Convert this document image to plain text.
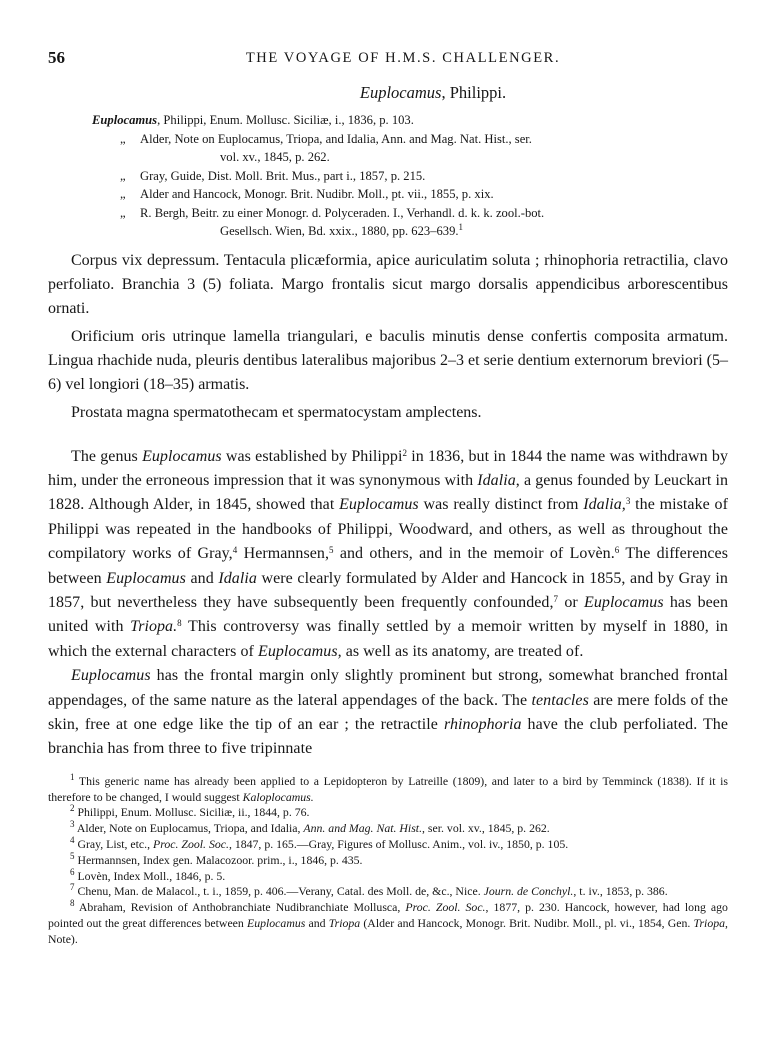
56	THE VOYAGE OF H.M.S. CHALLENGER.
Euplocamus, Philippi.
Euplocamus, Philippi, Enum. Mollusc. Siciliæ, i., 1836, p. 103.
„	Alder, Note on Euplocamus, Triopa, and Idalia, Ann. and Mag. Nat. Hist., ser.
vol. xv., 1845, p. 262.
„	Gray, Guide, Dist. Moll. Brit. Mus., part i., 1857, p. 215.
„	Alder and Hancock, Monogr. Brit. Nudibr. Moll., pt. vii., 1855, p. xix.
„	R. Bergh, Beitr. zu einer Monogr. d. Polyceraden. I., Verhandl. d. k. k. zool.-bot.
Gesellsch. Wien, Bd. xxix., 1880, pp. 623–639.$^1$

Corpus vix depressum. Tentacula plicæformia, apice auriculatim soluta ; rhinophoria retractilia, clavo perfoliato. Branchia 3 (5) foliata. Margo frontalis sicut margo dorsalis appendicibus arborescentibus ornati.

Orificium oris utrinque lamella triangulari, e baculis minutis dense confertis composita armatum. Lingua rhachide nuda, pleuris dentibus lateralibus majoribus 2–3 et serie dentium externorum breviori (5–6) vel longiori (18–35) armatis.

Prostata magna spermatothecam et spermatocystam amplectens.

The genus Euplocamus was established by Philippi$^2$ in 1836, but in 1844 the name was withdrawn by him, under the erroneous impression that it was synonymous with Idalia, a genus founded by Leuckart in 1828. Although Alder, in 1845, showed that Euplocamus was really distinct from Idalia,$^3$ the mistake of Philippi was repeated in the handbooks of Philippi, Woodward, and others, as well as throughout the compilatory works of Gray,$^4$ Hermannsen,$^5$ and others, and in the memoir of Lovèn.$^6$ The differences between Euplocamus and Idalia were clearly formulated by Alder and Hancock in 1855, and by Gray in 1857, but nevertheless they have subsequently been frequently confounded,$^7$ or Euplocamus has been united with Triopa.$^8$ This controversy was finally settled by a memoir written by myself in 1880, in which the external characters of Euplocamus, as well as its anatomy, are treated of.

Euplocamus has the frontal margin only slightly prominent but strong, somewhat branched frontal appendages, of the same nature as the lateral appendages of the back. The tentacles are mere folds of the skin, free at one edge like the tip of an ear ; the retractile rhinophoria have the club perfoliated. The branchia has from three to five tripinnate

$^1$ This generic name has already been applied to a Lepidopteron by Latreille (1809), and later to a bird by Temminck (1838). If it is therefore to be changed, I would suggest Kaloplocamus.

$^2$ Philippi, Enum. Mollusc. Siciliæ, ii., 1844, p. 76.

$^3$ Alder, Note on Euplocamus, Triopa, and Idalia, Ann. and Mag. Nat. Hist., ser. vol. xv., 1845, p. 262.

$^4$ Gray, List, etc., Proc. Zool. Soc., 1847, p. 165.—Gray, Figures of Mollusc. Anim., vol. iv., 1850, p. 105.

$^5$ Hermannsen, Index gen. Malacozoor. prim., i., 1846, p. 435.

$^6$ Lovèn, Index Moll., 1846, p. 5.

$^7$ Chenu, Man. de Malacol., t. i., 1859, p. 406.—Verany, Catal. des Moll. de, &c., Nice. Journ. de Conchyl., t. iv., 1853, p. 386.

$^8$ Abraham, Revision of Anthobranchiate Nudibranchiate Mollusca, Proc. Zool. Soc., 1877, p. 230. Hancock, however, had long ago pointed out the great differences between Euplocamus and Triopa (Alder and Hancock, Monogr. Brit. Nudibr. Moll., pl. vi., 1854, Gen. Triopa, Note).
